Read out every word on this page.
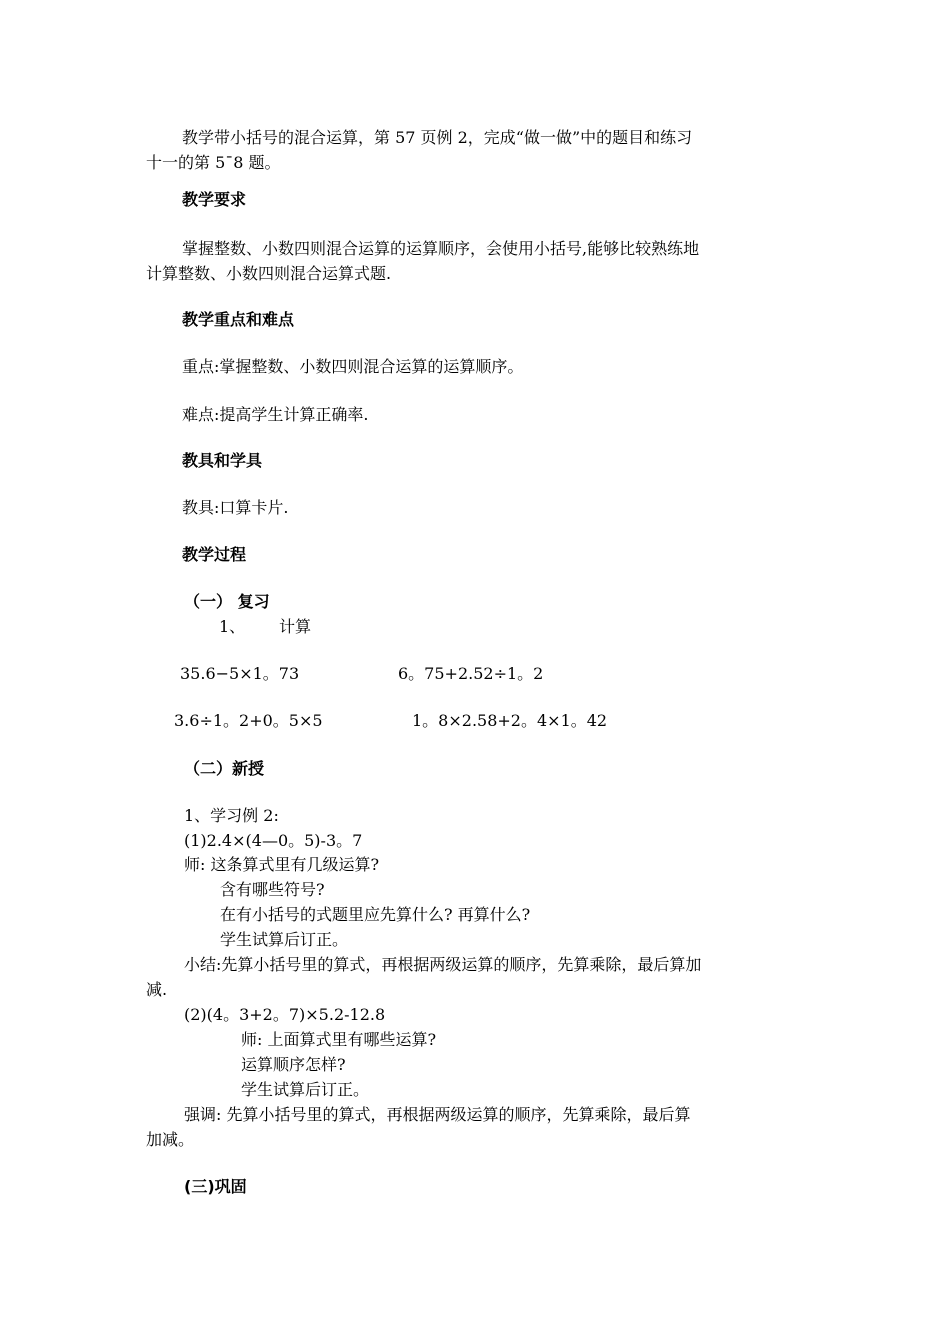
教学带小括号的混合运算，第 57 页例 2，完成“做一做”中的题目和练习
十一的第 5¯8 题。
教学要求
掌握整数、小数四则混合运算的运算顺序，会使用小括号,能够比较熟练地
计算整数、小数四则混合运算式题.
教学重点和难点
重点:掌握整数、小数四则混合运算的运算顺序。
难点:提高学生计算正确率.
教具和学具
教具:口算卡片.
教学过程
（一） 复习
1、 计算
35.6−5×1。73	6。75+2.52÷1。2
3.6÷1。2+0。5×5	1。8×2.58+2。4×1。42
（二）新授
1、学习例 2:
(1)2.4×(4—0。5)-3。7
师: 这条算式里有几级运算?
含有哪些符号?
在有小括号的式题里应先算什么? 再算什么?
学生试算后订正。
小结:先算小括号里的算式，再根据两级运算的顺序，先算乘除，最后算加
减.
(2)(4。3+2。7)×5.2-12.8
师: 上面算式里有哪些运算?
运算顺序怎样?
学生试算后订正。
强调: 先算小括号里的算式，再根据两级运算的顺序，先算乘除，最后算
加减。
(三)巩固
